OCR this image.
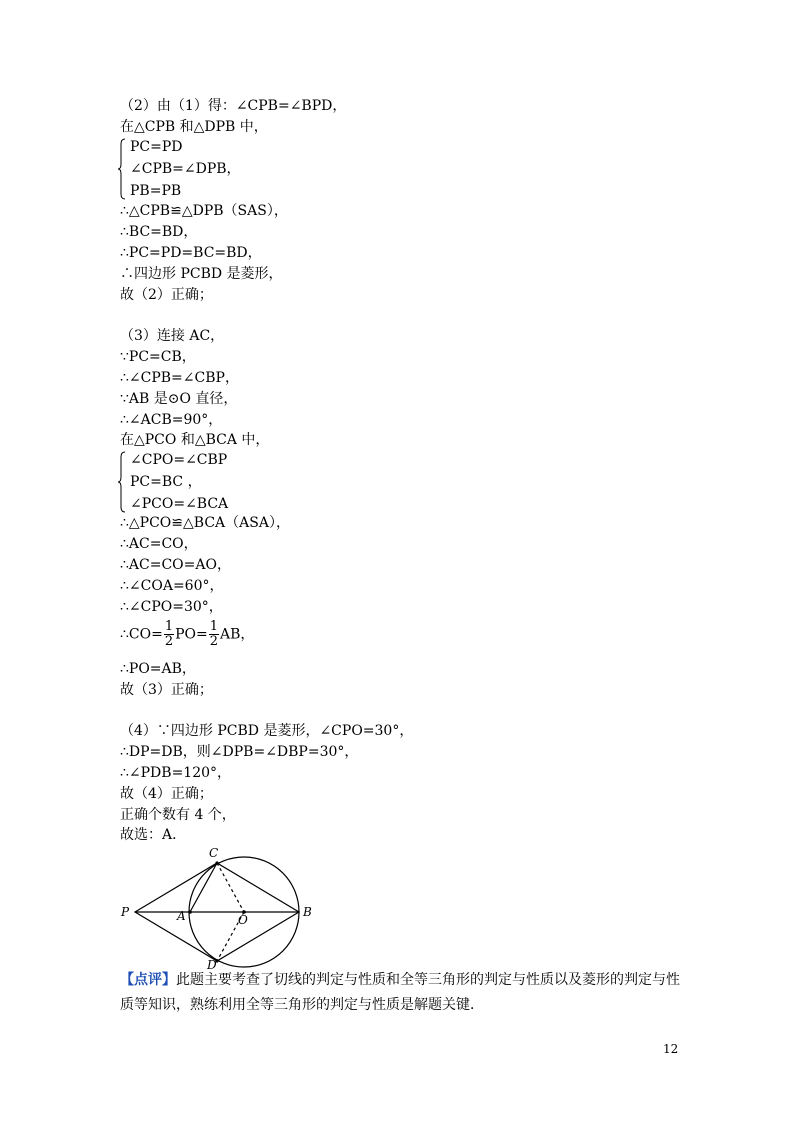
（2）由（1）得：∠CPB=∠BPD，
在△CPB 和△DPB 中，
PC=PD
∠CPB=∠DPB，
PB=PB
∴△CPB≌△DPB（SAS），
∴BC=BD，
∴PC=PD=BC=BD，
∴四边形 PCBD 是菱形，
故（2）正确；
（3）连接 AC，
∵PC=CB，
∴∠CPB=∠CBP，
∵AB 是⊙O 直径，
∴∠ACB=90°，
在△PCO 和△BCA 中，
∠CPO=∠CBP
PC=BC ，
∠PCO=∠BCA
∴△PCO≌△BCA（ASA），
∴AC=CO，
∴AC=CO=AO，
∴∠COA=60°，
∴∠CPO=30°，
∴CO= $\frac{1}{2} PO= \frac{1}{2}$ AB，
∴PO=AB，
故（3）正确；
（4）∵四边形 PCBD 是菱形，∠CPO=30°，
∴DP=DB，则∠DPB=∠DBP=30°，
∴∠PDB=120°，
故（4）正确；
正确个数有 4 个，
故选：A．
C
P	A	O
B
D
【点评】此题主要考查了切线的判定与性质和全等三角形的判定与性质以及菱形的判定与性
质等知识，熟练利用全等三角形的判定与性质是解题关键．
12
